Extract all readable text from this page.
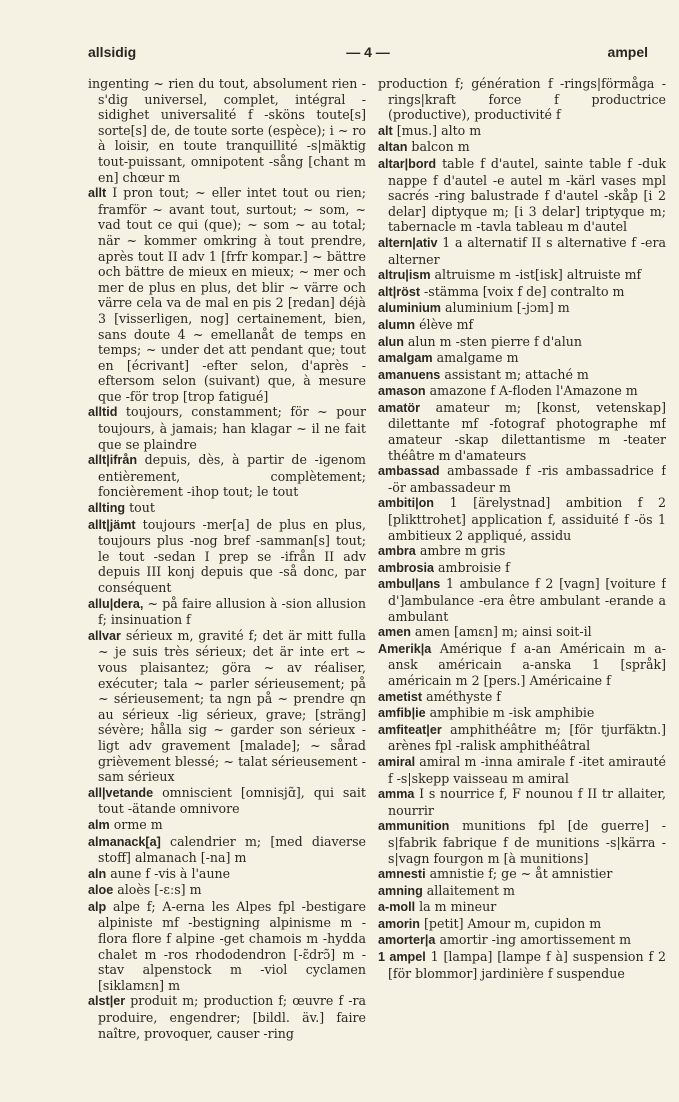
allsidig	— 4 —	ampel

ingenting ~ rien du tout, absolument rien -s'dig universel, complet, intégral -sidighet universalité f -sköns toute[s] sorte[s] de, de toute sorte (espèce); i ~ ro à loisir, en toute tranquillité -s|mäktig tout-puissant, omnipotent -sång [chant m en] chœur m

allt I pron tout; ~ eller intet tout ou rien; framför ~ avant tout, surtout; ~ som, ~ vad tout ce qui (que); ~ som ~ au total; när ~ kommer omkring à tout prendre, après tout II adv 1 [frfr kompar.] ~ bättre och bättre de mieux en mieux; ~ mer och mer de plus en plus, det blir ~ värre och värre cela va de mal en pis 2 [redan] déjà 3 [visserligen, nog] certainement, bien, sans doute 4 ~ emellanåt de temps en temps; ~ under det att pendant que; tout en [écrivant] -efter selon, d'après -eftersom selon (suivant) que, à mesure que -för trop [trop fatigué]

alltid toujours, constamment; för ~ pour toujours, à jamais; han klagar ~ il ne fait que se plaindre

allt|ifrån depuis, dès, à partir de -igenom entièrement, complètement; foncièrement -ihop tout; le tout

allting tout

allt|jämt toujours -mer[a] de plus en plus, toujours plus -nog bref -samman[s] tout; le tout -sedan I prep se -ifrån II adv depuis III konj depuis que -så donc, par conséquent

allu|dera, ~ på faire allusion à -sion allusion f; insinuation f

allvar sérieux m, gravité f; det är mitt fulla ~ je suis très sérieux; det är inte ert ~ vous plaisantez; göra ~ av réaliser, exécuter; tala ~ parler sérieusement; på ~ sérieusement; ta ngn på ~ prendre qn au sérieux -lig sérieux, grave; [sträng] sévère; hålla sig ~ garder son sérieux -ligt adv gravement [malade]; ~ sårad grièvement blessé; ~ talat sérieusement -sam sérieux

all|vetande omniscient [omnisjɑ̃], qui sait tout -ätande omnivore

alm orme m

almanack[a] calendrier m; [med diaverse stoff] almanach [-na] m

aln aune f -vis à l'aune

aloe aloès [-ɛːs] m

alp alpe f; A-erna les Alpes fpl -bestigare alpiniste mf -bestigning alpinisme m -flora flore f alpine -get chamois m -hydda chalet m -ros rhododendron [-ɛ̃drɔ̃] m -stav alpenstock m -viol cyclamen [siklamɛn] m

alst|er produit m; production f; œuvre f -ra produire, engendrer; [bildl. äv.] faire naître, provoquer, causer -ring

production f; génération f -rings|förmåga -rings|kraft force f productrice (productive), productivité f

alt [mus.] alto m

altan balcon m

altar|bord table f d'autel, sainte table f -duk nappe f d'autel -e autel m -kärl vases mpl sacrés -ring balustrade f d'autel -skåp [i 2 delar] diptyque m; [i 3 delar] triptyque m; tabernacle m -tavla tableau m d'autel

altern|ativ 1 a alternatif II s alternative f -era alterner

altru|ism altruisme m -ist[isk] altruiste mf

alt|röst -stämma [voix f de] contralto m

aluminium aluminium [-jɔm] m

alumn élève mf

alun alun m -sten pierre f d'alun

amalgam amalgame m

amanuens assistant m; attaché m

amason amazone f A-floden l'Amazone m

amatör amateur m; [konst, vetenskap] dilettante mf -fotograf photographe mf amateur -skap dilettantisme m -teater théâtre m d'amateurs

ambassad ambassade f -ris ambassadrice f -ör ambassadeur m

ambiti|on 1 [ärelystnad] ambition f 2 [plikttrohet] application f, assiduité f -ös 1 ambitieux 2 appliqué, assidu

ambra ambre m gris

ambrosia ambroisie f

ambul|ans 1 ambulance f 2 [vagn] [voiture f d']ambulance -era être ambulant -erande a ambulant

amen amen [amɛn] m; ainsi soit-il

Amerik|a Amérique f a-an Américain m a-ansk américain a-anska 1 [språk] américain m 2 [pers.] Américaine f

ametist améthyste f

amfib|ie amphibie m -isk amphibie

amfiteat|er amphithéâtre m; [för tjurfäktn.] arènes fpl -ralisk amphithéâtral

amiral amiral m -inna amirale f -itet amirauté f -s|skepp vaisseau m amiral

amma I s nourrice f, F nounou f II tr allaiter, nourrir

ammunition munitions fpl [de guerre] -s|fabrik fabrique f de munitions -s|kärra -s|vagn fourgon m [à munitions]

amnesti amnistie f; ge ~ åt amnistier

amning allaitement m

a-moll la m mineur

amorin [petit] Amour m, cupidon m

amorter|a amortir -ing amortissement m

1 ampel 1 [lampa] [lampe f à] suspension f 2 [för blommor] jardinière f suspendue
